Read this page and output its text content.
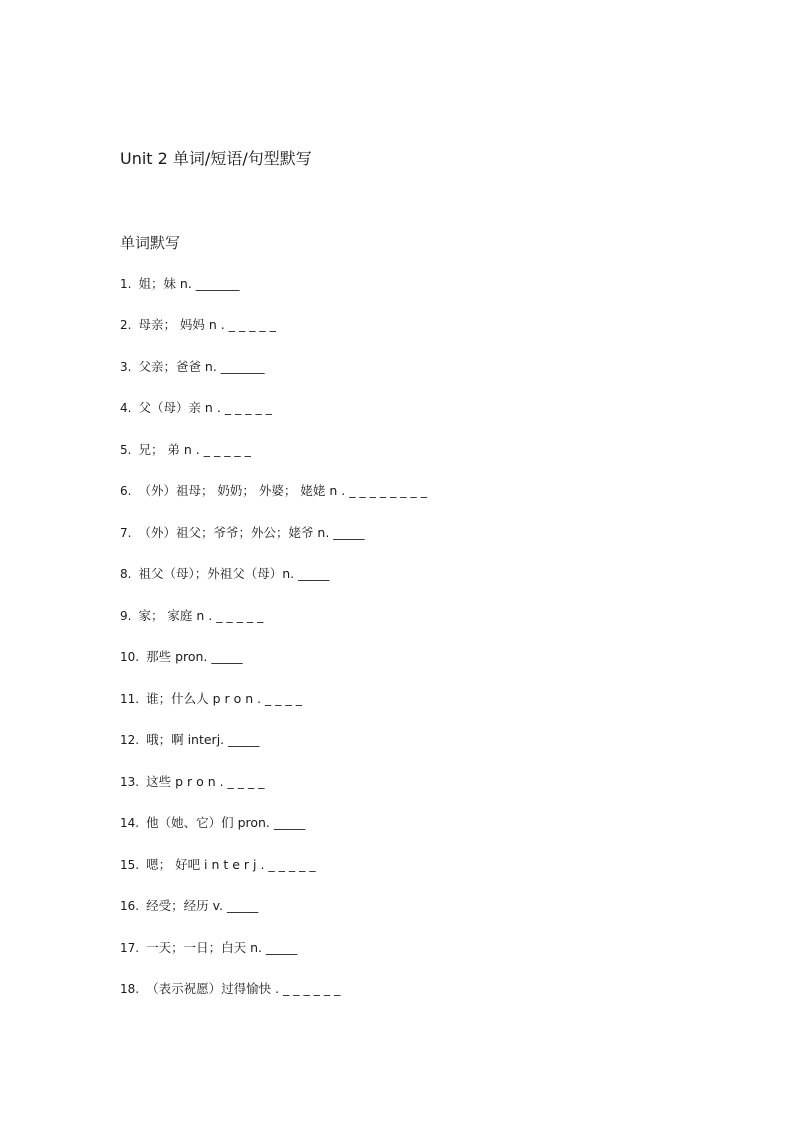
Unit 2 单词/短语/句型默写
单词默写
1. 姐；妹 n. _______
2. 母亲； 妈妈 n . _ _ _ _ _
3. 父亲；爸爸 n. _______
4. 父（母）亲 n . _ _ _ _ _
5. 兄； 弟 n . _ _ _ _ _
6. （外）祖母； 奶奶； 外婆； 姥姥 n . _ _ _ _ _ _ _ _
7. （外）祖父；爷爷；外公；姥爷 n. _____
8. 祖父（母）；外祖父（母）n. _____
9. 家； 家庭 n . _ _ _ _ _
10. 那些 pron. _____
11. 谁；什么人 p r o n . _ _ _ _
12. 哦；啊 interj. _____
13. 这些 p r o n . _ _ _ _
14. 他（她、它）们 pron. _____
15. 嗯； 好吧 i n t e r j . _ _ _ _ _
16. 经受；经历 v. _____
17. 一天；一日；白天 n. _____
18. （表示祝愿）过得愉快 . _ _ _ _ _ _
